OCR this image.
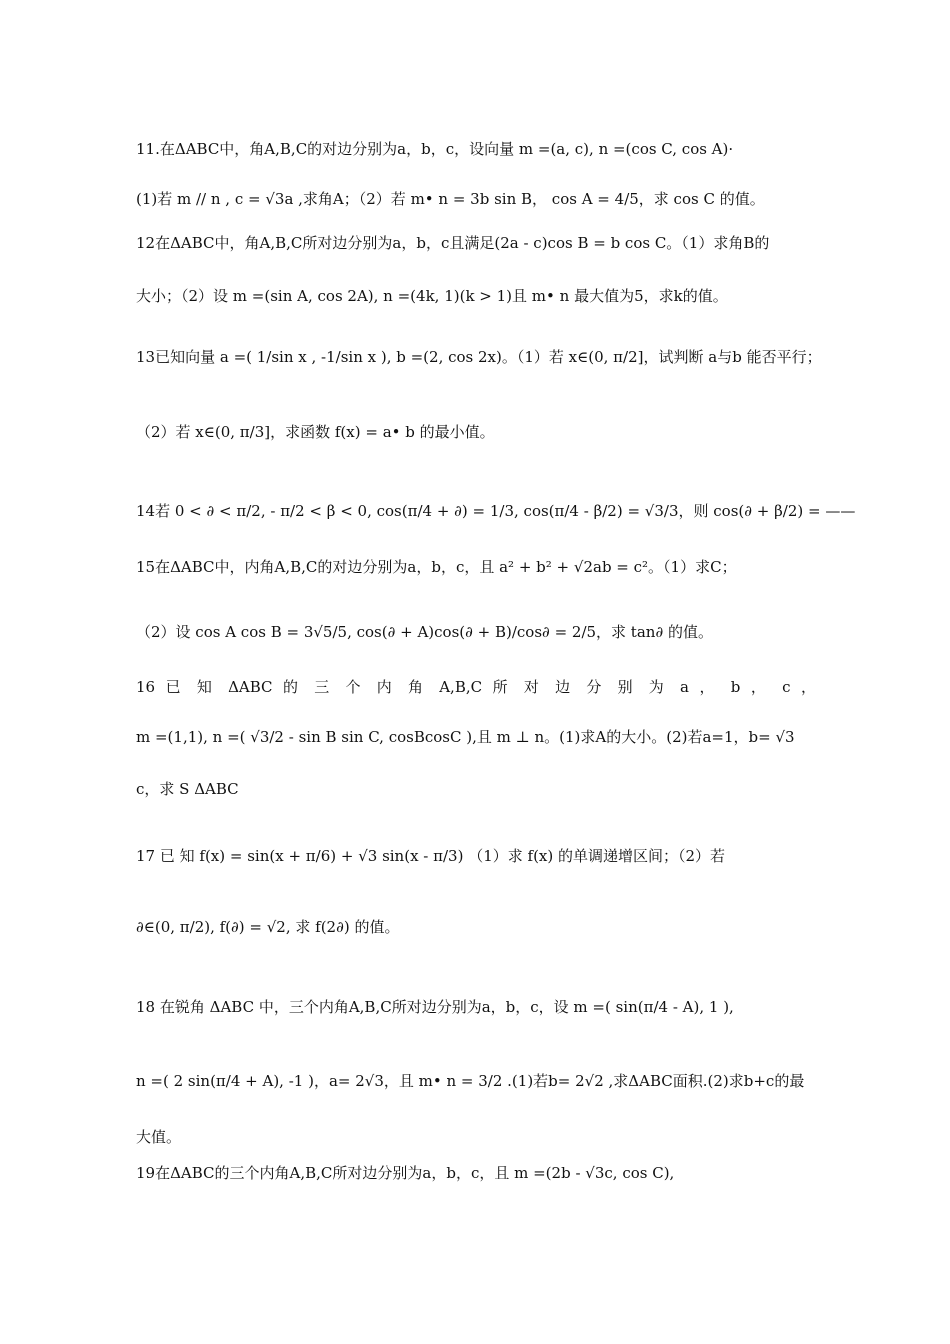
11.在ΔABC中，角A,B,C的对边分别为a，b，c，设向量 m =(a, c), n =(cos C, cos A)·
(1)若 m // n , c = √3a ,求角A；（2）若 m• n = 3b sin B， cos A = 4/5，求 cos C 的值。
12在ΔABC中，角A,B,C所对边分别为a，b，c且满足(2a - c)cos B = b cos C。（1）求角B的
大小；（2）设 m =(sin A, cos 2A), n =(4k, 1)(k > 1)且 m• n 最大值为5，求k的值。
13已知向量 a =( 1/sin x , -1/sin x ), b =(2, cos 2x)。（1）若 x∈(0, π/2]，试判断 a与b 能否平行；
（2）若 x∈(0, π/3]，求函数 f(x) = a• b 的最小值。
14若 0 < ∂ < π/2, - π/2 < β < 0, cos(π/4 + ∂) = 1/3, cos(π/4 - β/2) = √3/3，则 cos(∂ + β/2) = ——
15在ΔABC中，内角A,B,C的对边分别为a，b，c，且 a² + b² + √2ab = c²。（1）求C；
（2）设 cos A cos B = 3√5/5, cos(∂ + A)cos(∂ + B)/cos∂ = 2/5，求 tan∂ 的值。
16 已 知 ΔABC 的 三 个 内 角 A,B,C 所 对 边 分 别 为 a ， b ， c ，
m =(1,1), n =( √3/2 - sin B sin C, cosBcosC ),且 m ⊥ n。(1)求A的大小。(2)若a=1，b= √3
c，求 S ΔABC
17 已 知 f(x) = sin(x + π/6) + √3 sin(x - π/3) （1）求 f(x) 的单调递增区间；（2）若
∂∈(0, π/2), f(∂) = √2, 求 f(2∂) 的值。
18 在锐角 ΔABC 中，三个内角A,B,C所对边分别为a，b，c，设 m =( sin(π/4 - A), 1 ),
n =( 2 sin(π/4 + A), -1 )，a= 2√3，且 m• n = 3/2 .(1)若b= 2√2 ,求ΔABC面积.(2)求b+c的最
大值。
19在ΔABC的三个内角A,B,C所对边分别为a，b，c，且 m =(2b - √3c, cos C),
